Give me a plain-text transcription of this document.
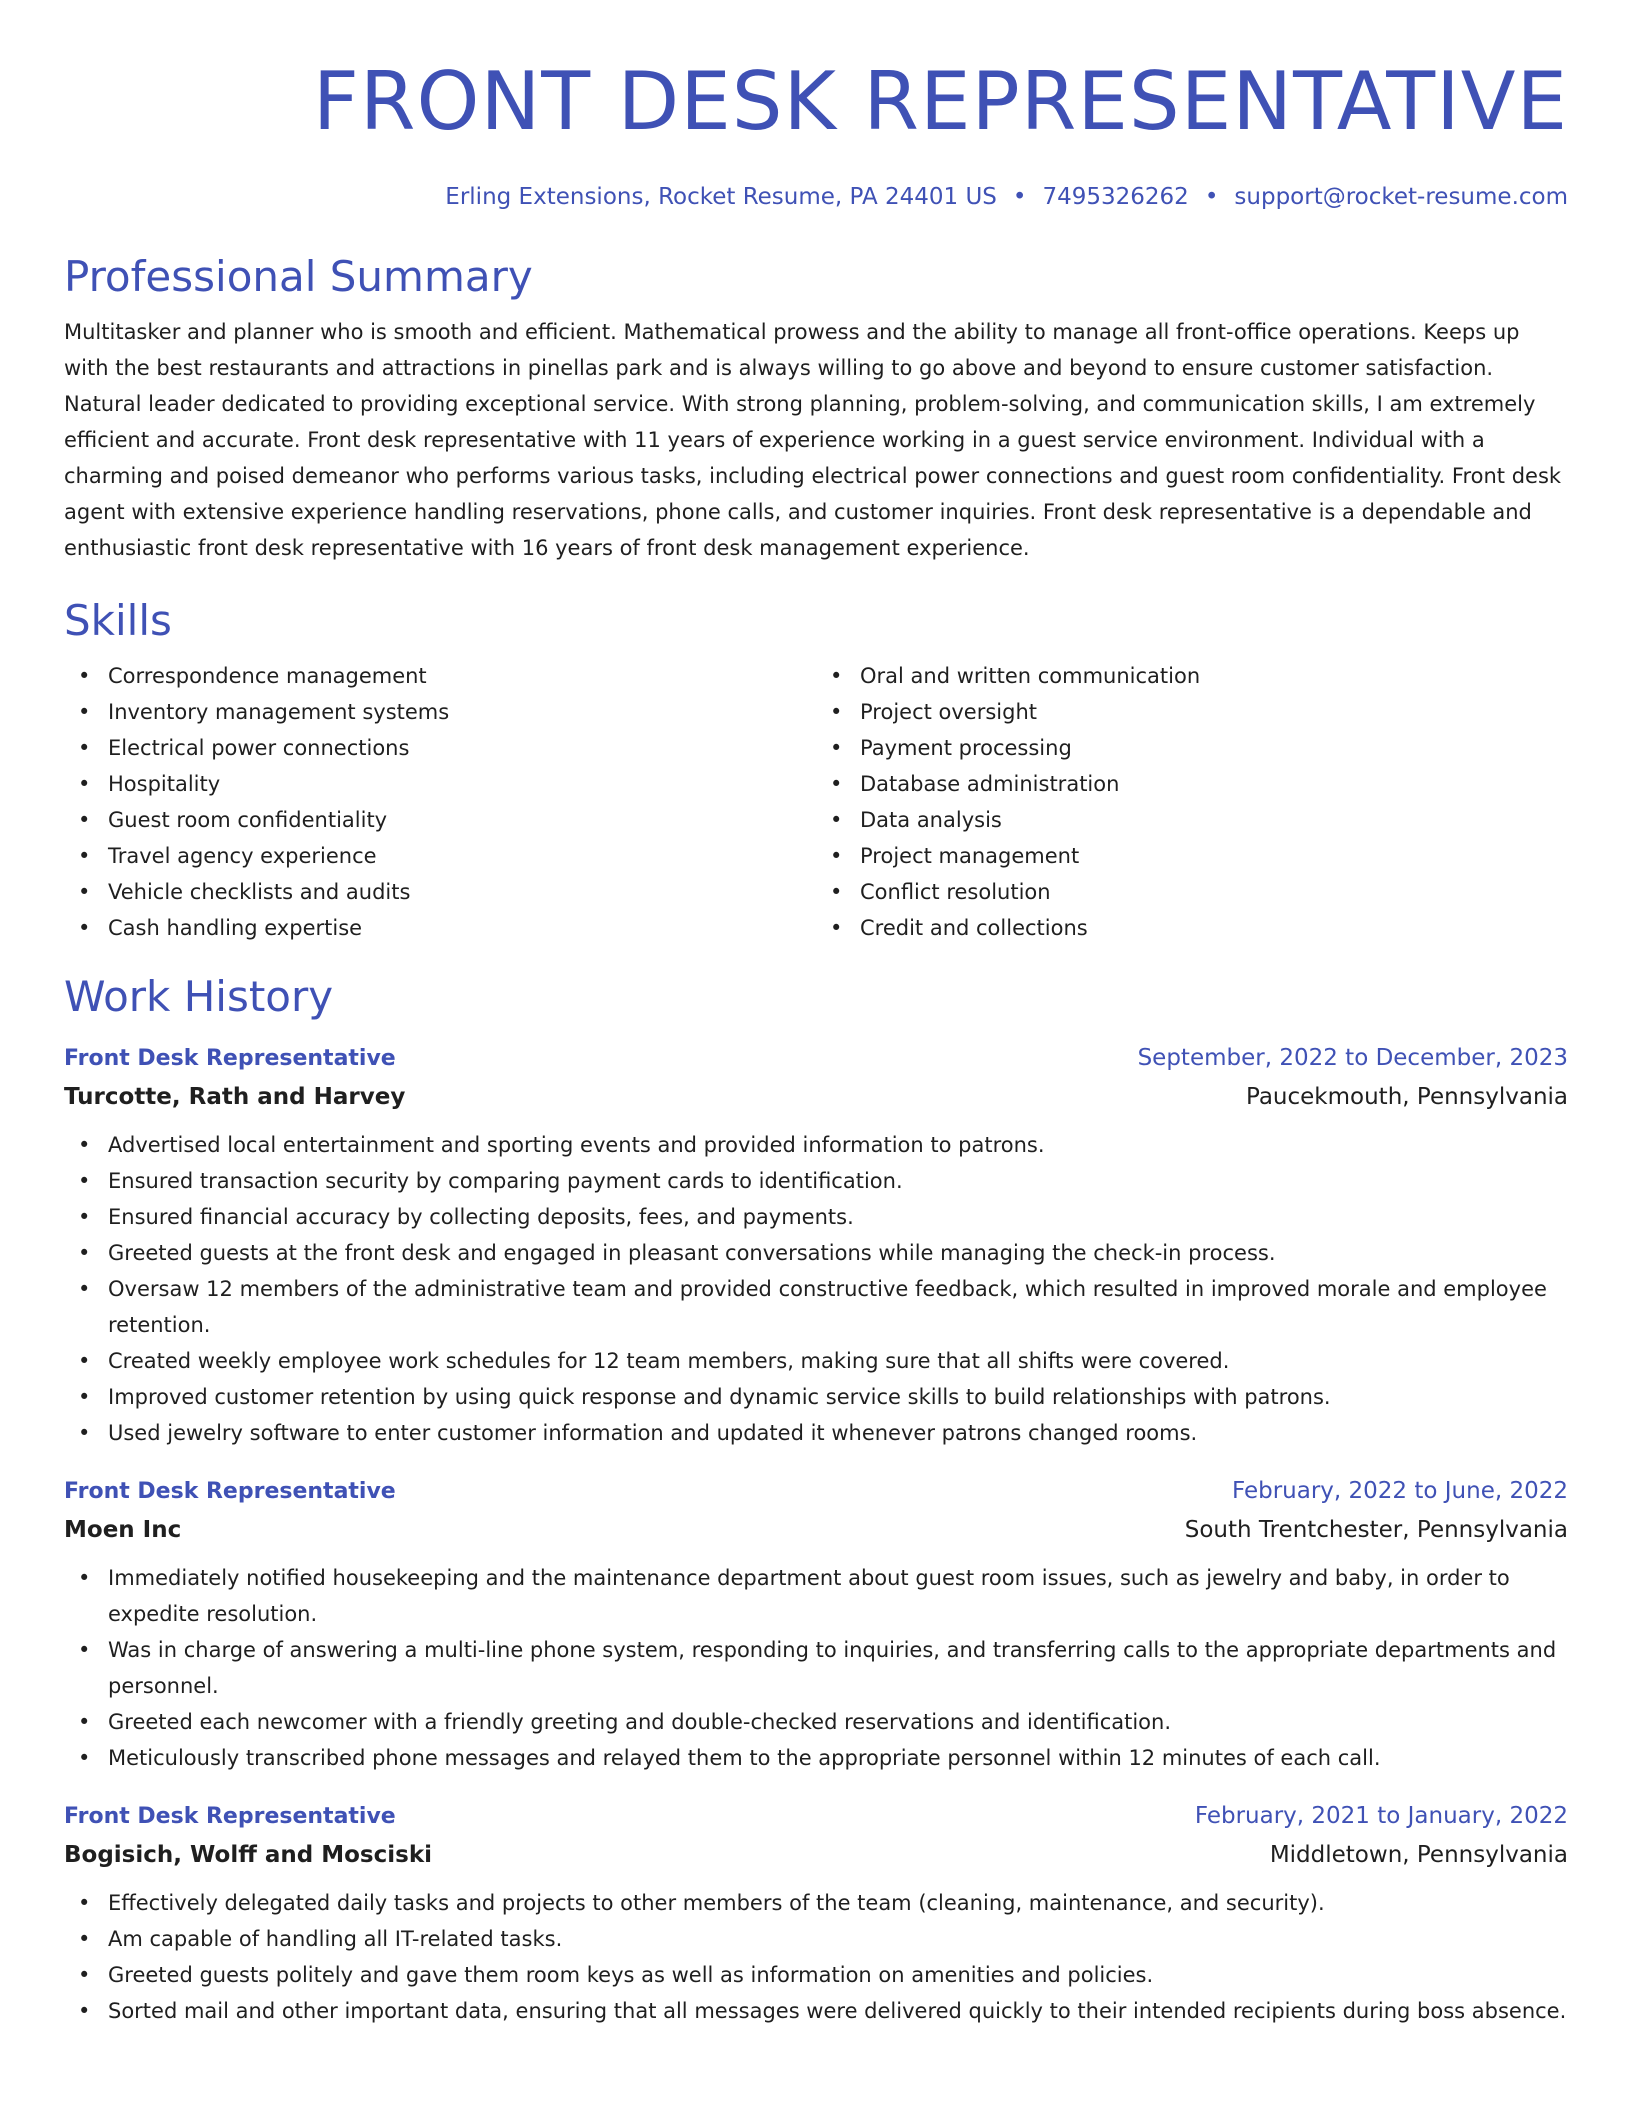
FRONT DESK REPRESENTATIVE
Erling Extensions, Rocket Resume, PA 24401 US • 7495326262 • support@rocket-resume.com
Professional Summary
Multitasker and planner who is smooth and efficient. Mathematical prowess and the ability to manage all front-office operations. Keeps up with the best restaurants and attractions in pinellas park and is always willing to go above and beyond to ensure customer satisfaction. Natural leader dedicated to providing exceptional service. With strong planning, problem-solving, and communication skills, I am extremely efficient and accurate. Front desk representative with 11 years of experience working in a guest service environment. Individual with a charming and poised demeanor who performs various tasks, including electrical power connections and guest room confidentiality. Front desk agent with extensive experience handling reservations, phone calls, and customer inquiries. Front desk representative is a dependable and enthusiastic front desk representative with 16 years of front desk management experience.
Skills
• Correspondence management
• Inventory management systems
• Electrical power connections
• Hospitality
• Guest room confidentiality
• Travel agency experience
• Vehicle checklists and audits
• Cash handling expertise
• Oral and written communication
• Project oversight
• Payment processing
• Database administration
• Data analysis
• Project management
• Conflict resolution
• Credit and collections
Work History
Front Desk Representative	September, 2022 to December, 2023
Turcotte, Rath and Harvey	Paucekmouth, Pennsylvania
• Advertised local entertainment and sporting events and provided information to patrons.
• Ensured transaction security by comparing payment cards to identification.
• Ensured financial accuracy by collecting deposits, fees, and payments.
• Greeted guests at the front desk and engaged in pleasant conversations while managing the check-in process.
• Oversaw 12 members of the administrative team and provided constructive feedback, which resulted in improved morale and employee retention.
• Created weekly employee work schedules for 12 team members, making sure that all shifts were covered.
• Improved customer retention by using quick response and dynamic service skills to build relationships with patrons.
• Used jewelry software to enter customer information and updated it whenever patrons changed rooms.
Front Desk Representative	February, 2022 to June, 2022
Moen Inc	South Trentchester, Pennsylvania
• Immediately notified housekeeping and the maintenance department about guest room issues, such as jewelry and baby, in order to expedite resolution.
• Was in charge of answering a multi-line phone system, responding to inquiries, and transferring calls to the appropriate departments and personnel.
• Greeted each newcomer with a friendly greeting and double-checked reservations and identification.
• Meticulously transcribed phone messages and relayed them to the appropriate personnel within 12 minutes of each call.
Front Desk Representative	February, 2021 to January, 2022
Bogisich, Wolff and Mosciski	Middletown, Pennsylvania
• Effectively delegated daily tasks and projects to other members of the team (cleaning, maintenance, and security).
• Am capable of handling all IT-related tasks.
• Greeted guests politely and gave them room keys as well as information on amenities and policies.
• Sorted mail and other important data, ensuring that all messages were delivered quickly to their intended recipients during boss absence.
